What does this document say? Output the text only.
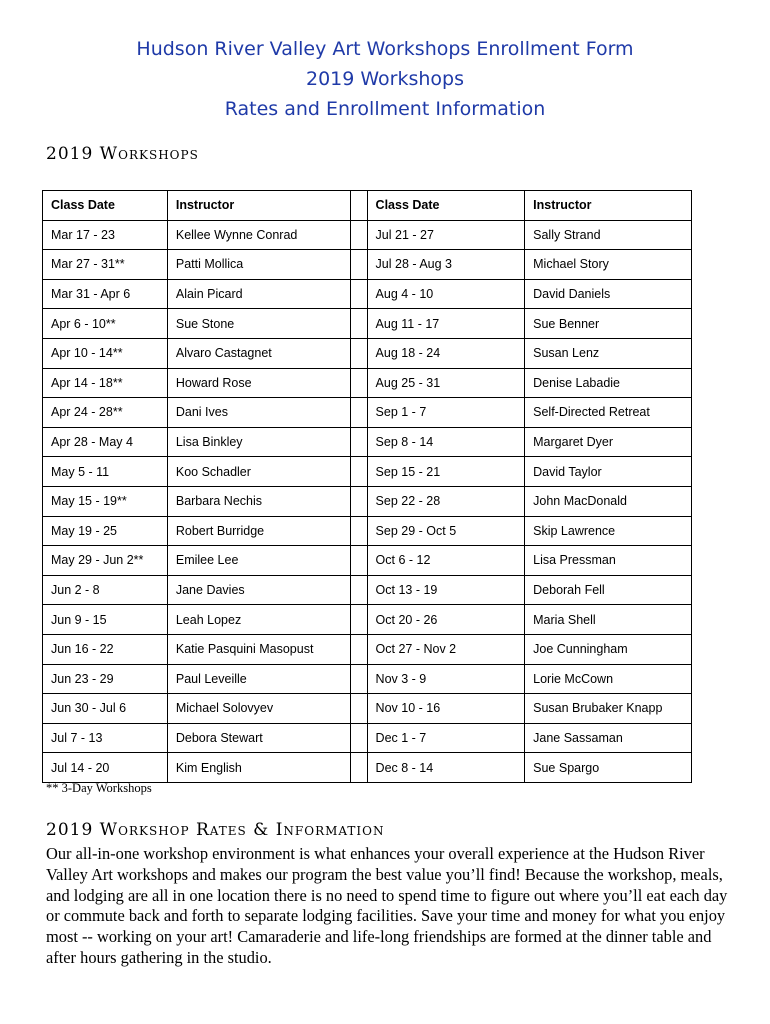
Hudson River Valley Art Workshops Enrollment Form
2019 Workshops
Rates and Enrollment Information
2019 Workshops
Class Date	Instructor		Class Date	Instructor
Mar 17 - 23	Kellee Wynne Conrad		Jul 21 - 27	Sally Strand
Mar 27 - 31**	Patti Mollica		Jul 28 - Aug 3	Michael Story
Mar 31 - Apr 6	Alain Picard		Aug 4 - 10	David Daniels
Apr 6 - 10**	Sue Stone		Aug 11 - 17	Sue Benner
Apr 10 - 14**	Alvaro Castagnet		Aug 18 - 24	Susan Lenz
Apr 14 - 18**	Howard Rose		Aug 25 - 31	Denise Labadie
Apr 24 - 28**	Dani Ives		Sep 1 - 7	Self-Directed Retreat
Apr 28 - May 4	Lisa Binkley		Sep 8 - 14	Margaret Dyer
May 5 - 11	Koo Schadler		Sep 15 - 21	David Taylor
May 15 - 19**	Barbara Nechis		Sep 22 - 28	John MacDonald
May 19 - 25	Robert Burridge		Sep 29 - Oct 5	Skip Lawrence
May 29 - Jun 2**	Emilee Lee		Oct 6 - 12	Lisa Pressman
Jun 2 - 8	Jane Davies		Oct 13 - 19	Deborah Fell
Jun 9 - 15	Leah Lopez		Oct 20 - 26	Maria Shell
Jun 16 - 22	Katie Pasquini Masopust		Oct 27 - Nov 2	Joe Cunningham
Jun 23 - 29	Paul Leveille		Nov 3 - 9	Lorie McCown
Jun 30 - Jul 6	Michael Solovyev		Nov 10 - 16	Susan Brubaker Knapp
Jul 7 - 13	Debora Stewart		Dec 1 - 7	Jane Sassaman
Jul 14 - 20	Kim English		Dec 8 - 14	Sue Spargo
** 3-Day Workshops
2019 Workshop Rates & Information

Our all-in-one workshop environment is what enhances your overall experience at the Hudson River Valley Art workshops and makes our program the best value you’ll find! Because the workshop, meals, and lodging are all in one location there is no need to spend time to figure out where you’ll eat each day or commute back and forth to separate lodging facilities. Save your time and money for what you enjoy most -- working on your art! Camaraderie and life-long friendships are formed at the dinner table and after hours gathering in the studio.
